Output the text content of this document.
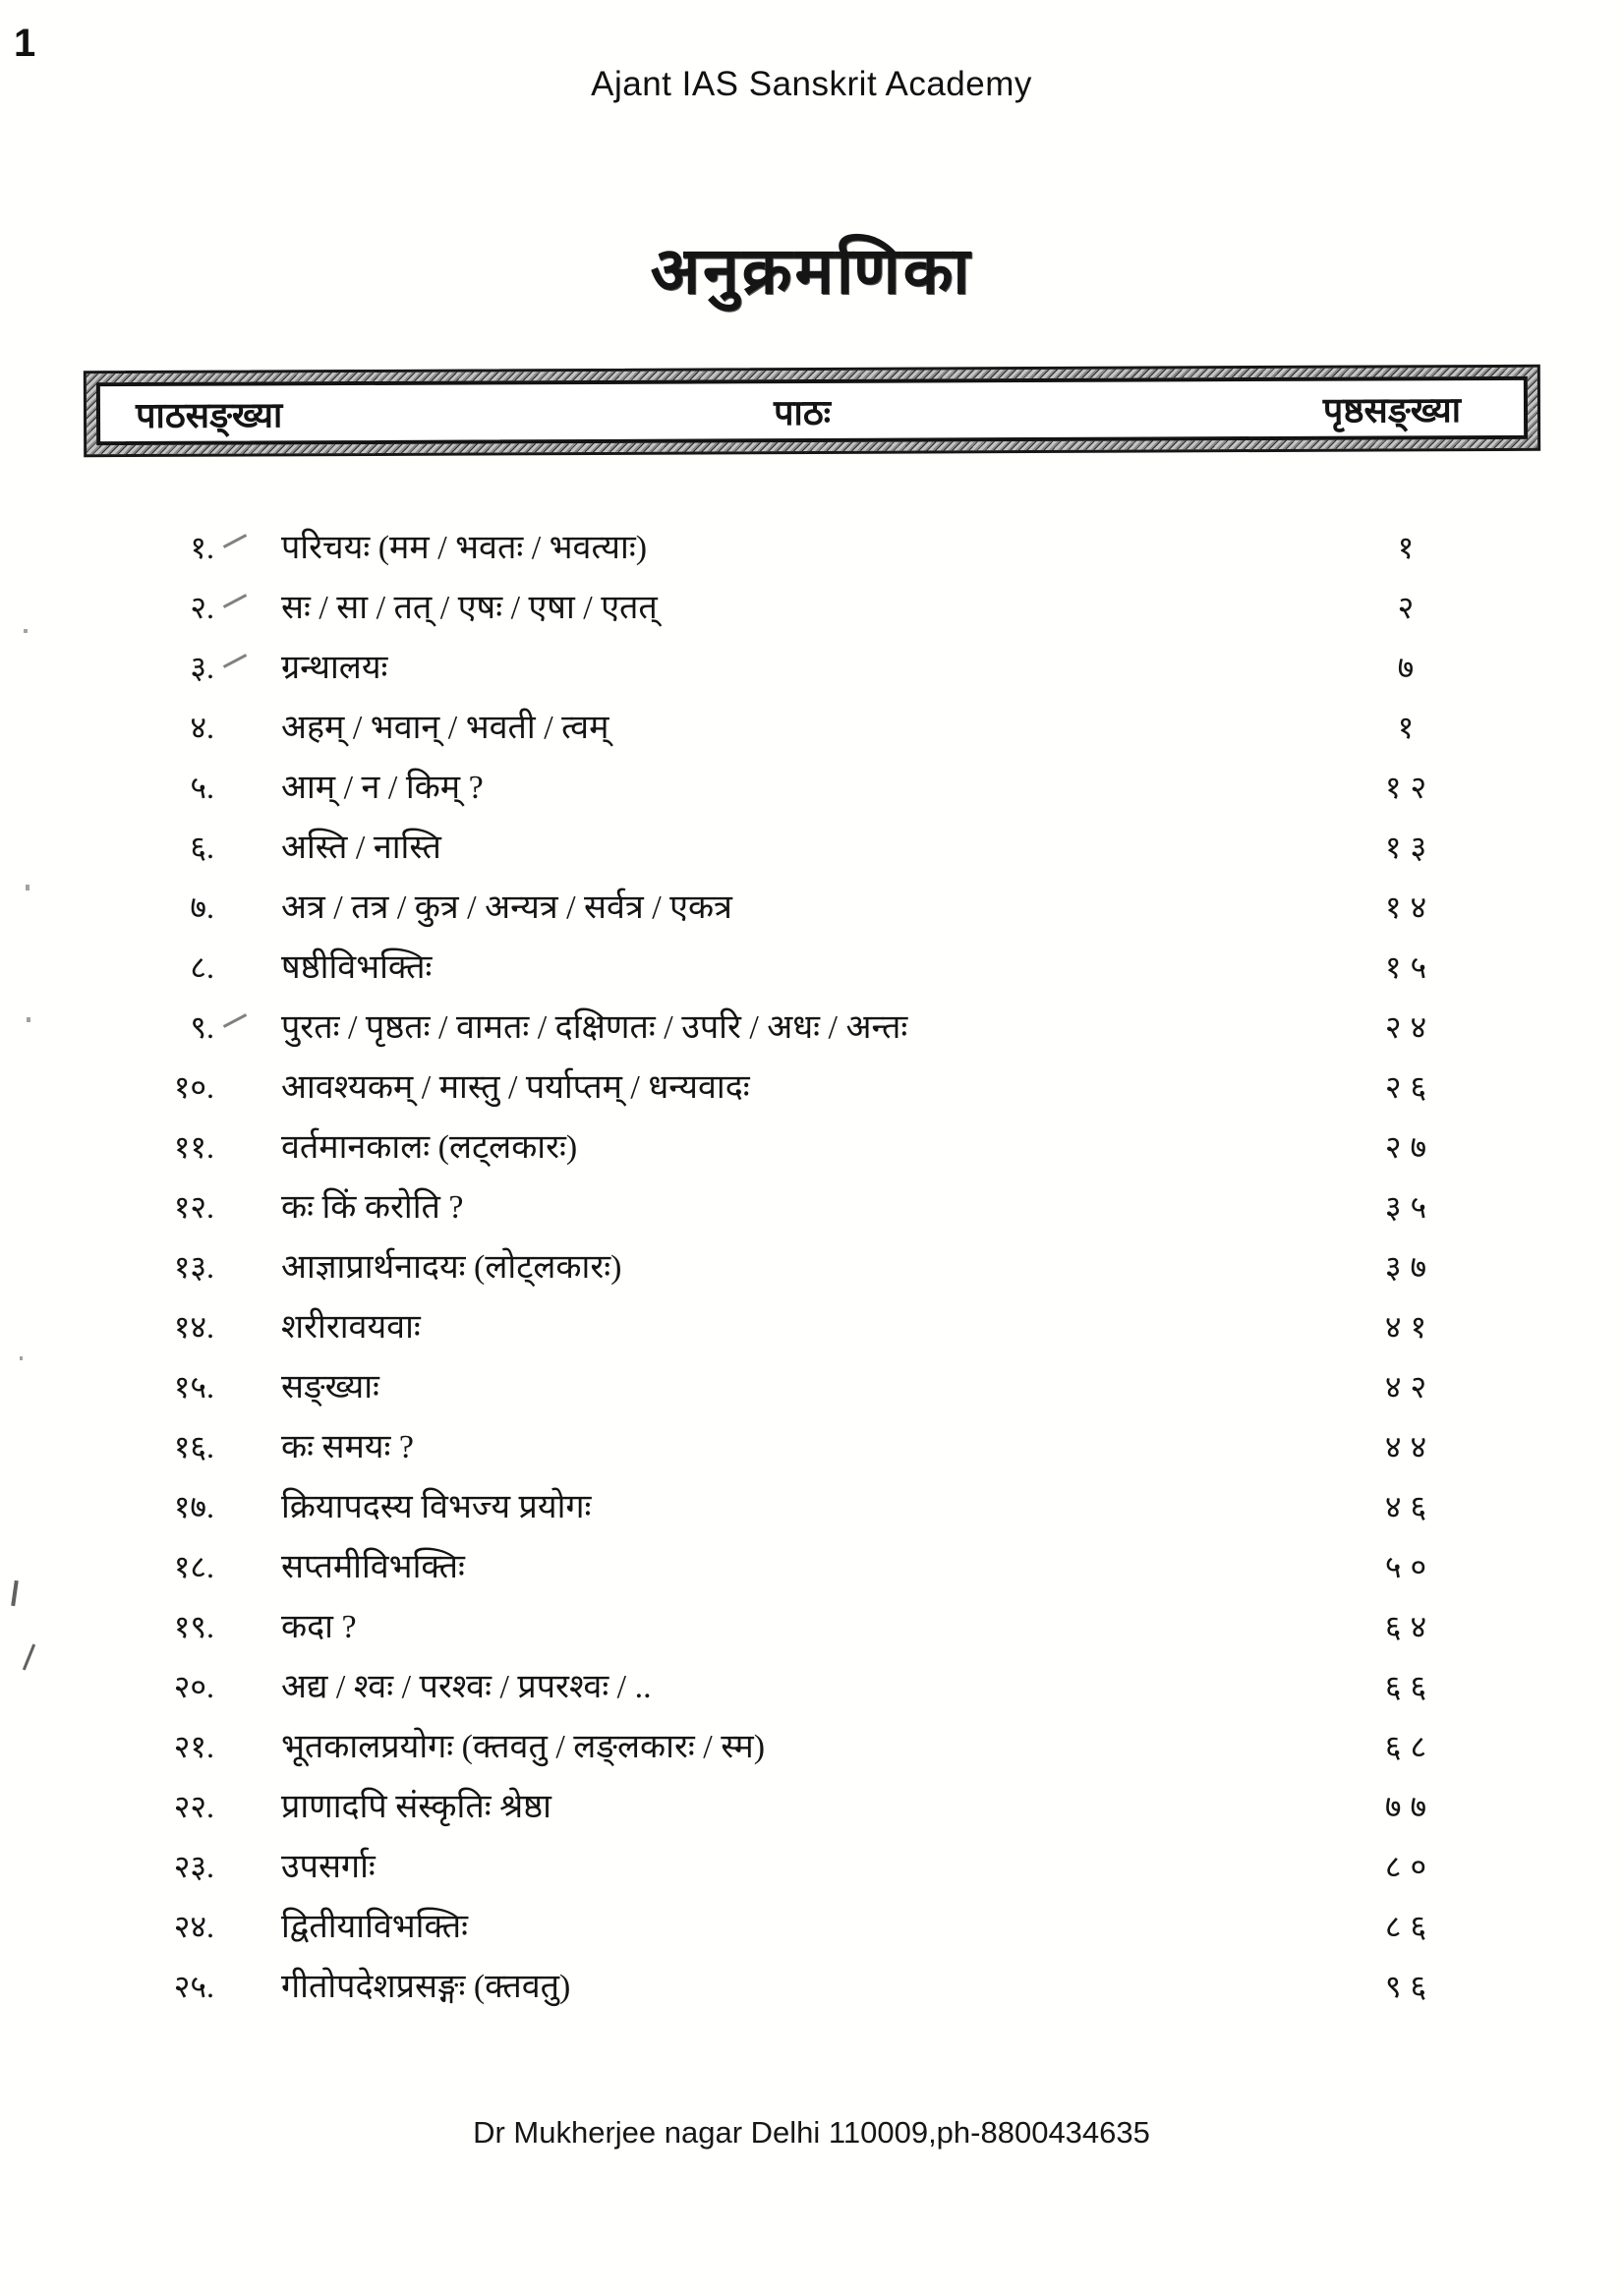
1
Ajant IAS Sanskrit Academy
अनुक्रमणिका
पाठसङ्ख्या	पाठः	पृष्ठसङ्ख्या
१. परिचयः (मम / भवतः / भवत्याः)	१
२. सः / सा / तत् / एषः / एषा / एतत्	२
३. ग्रन्थालयः	७
४. अहम् / भवान् / भवती / त्वम्	१
५. आम् / न / किम् ?	१२
६. अस्ति / नास्ति	१३
७. अत्र / तत्र / कुत्र / अन्यत्र / सर्वत्र / एकत्र	१४
८. षष्ठीविभक्तिः	१५
९. पुरतः / पृष्ठतः / वामतः / दक्षिणतः / उपरि / अधः / अन्तः	२४
१०. आवश्यकम् / मास्तु / पर्याप्तम् / धन्यवादः	२६
११. वर्तमानकालः (लट्लकारः)	२७
१२. कः किं करोति ?	३५
१३. आज्ञाप्रार्थनादयः (लोट्लकारः)	३७
१४. शरीरावयवाः	४१
१५. सङ्ख्याः	४२
१६. कः समयः ?	४४
१७. क्रियापदस्य विभज्य प्रयोगः	४६
१८. सप्तमीविभक्तिः	५०
१९. कदा ?	६४
२०. अद्य / श्वः / परश्वः / प्रपरश्वः / ..	६६
२१. भूतकालप्रयोगः (क्तवतु / लङ्लकारः / स्म)	६८
२२. प्राणादपि संस्कृतिः श्रेष्ठा	७७
२३. उपसर्गाः	८०
२४. द्वितीयाविभक्तिः	८६
२५. गीतोपदेशप्रसङ्गः (क्तवतु)	९६
Dr Mukherjee nagar Delhi 110009,ph-8800434635
